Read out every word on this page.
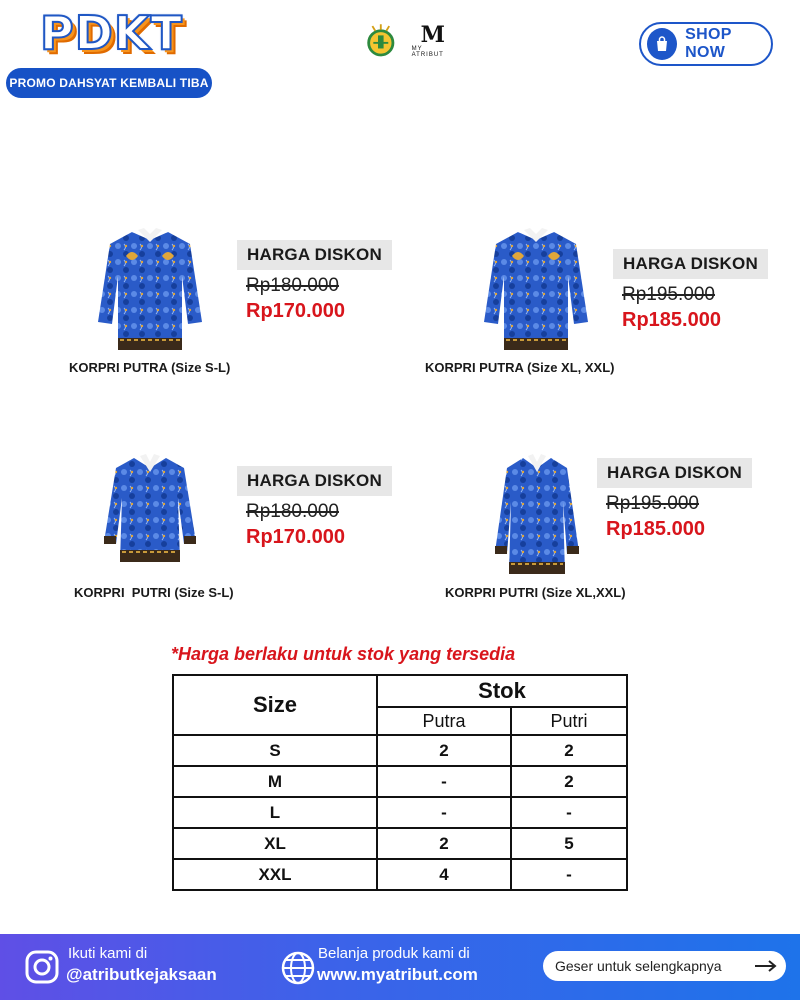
PDKT
PROMO DAHSYAT KEMBALI TIBA
M
MY ATRIBUT
SHOP NOW
HARGA DISKON
Rp180.000
Rp170.000
KORPRI PUTRA (Size S-L)
HARGA DISKON
Rp195.000
Rp185.000
KORPRI PUTRA (Size XL, XXL)
HARGA DISKON
Rp180.000
Rp170.000
KORPRI  PUTRI (Size S-L)
HARGA DISKON
Rp195.000
Rp185.000
KORPRI PUTRI (Size XL,XXL)
*Harga berlaku untuk stok yang tersedia
Size	Stok	
	Putra	Putri
S	2	2
M	-	2
L	-	-
XL	2	5
XXL	4	-
Ikuti kami di
@atributkejaksaan
Belanja produk kami di
www.myatribut.com	Geser untuk selengkapnya
